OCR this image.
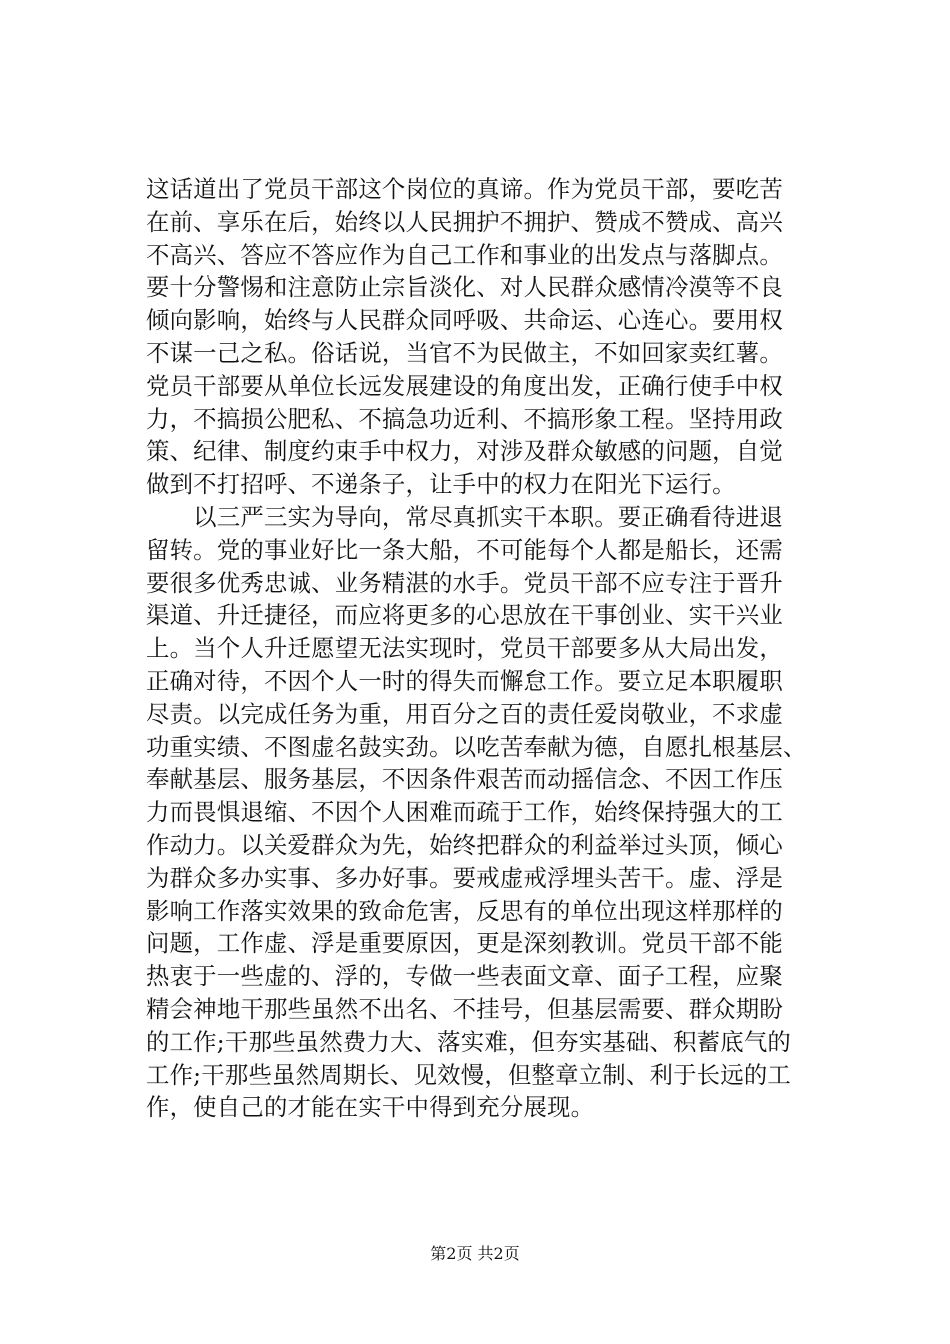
这话道出了党员干部这个岗位的真谛。作为党员干部，要吃苦
在前、享乐在后，始终以人民拥护不拥护、赞成不赞成、高兴
不高兴、答应不答应作为自己工作和事业的出发点与落脚点。
要十分警惕和注意防止宗旨淡化、对人民群众感情冷漠等不良
倾向影响，始终与人民群众同呼吸、共命运、心连心。要用权
不谋一己之私。俗话说，当官不为民做主，不如回家卖红薯。
党员干部要从单位长远发展建设的角度出发，正确行使手中权
力，不搞损公肥私、不搞急功近利、不搞形象工程。坚持用政
策、纪律、制度约束手中权力，对涉及群众敏感的问题，自觉
做到不打招呼、不递条子，让手中的权力在阳光下运行。
　　以三严三实为导向，常尽真抓实干本职。要正确看待进退
留转。党的事业好比一条大船，不可能每个人都是船长，还需
要很多优秀忠诚、业务精湛的水手。党员干部不应专注于晋升
渠道、升迁捷径，而应将更多的心思放在干事创业、实干兴业
上。当个人升迁愿望无法实现时，党员干部要多从大局出发，
正确对待，不因个人一时的得失而懈怠工作。要立足本职履职
尽责。以完成任务为重，用百分之百的责任爱岗敬业，不求虚
功重实绩、不图虚名鼓实劲。以吃苦奉献为德，自愿扎根基层、
奉献基层、服务基层，不因条件艰苦而动摇信念、不因工作压
力而畏惧退缩、不因个人困难而疏于工作，始终保持强大的工
作动力。以关爱群众为先，始终把群众的利益举过头顶，倾心
为群众多办实事、多办好事。要戒虚戒浮埋头苦干。虚、浮是
影响工作落实效果的致命危害，反思有的单位出现这样那样的
问题，工作虚、浮是重要原因，更是深刻教训。党员干部不能
热衷于一些虚的、浮的，专做一些表面文章、面子工程，应聚
精会神地干那些虽然不出名、不挂号，但基层需要、群众期盼
的工作;干那些虽然费力大、落实难，但夯实基础、积蓄底气的
工作;干那些虽然周期长、见效慢，但整章立制、利于长远的工
作，使自己的才能在实干中得到充分展现。
第2页 共2页
